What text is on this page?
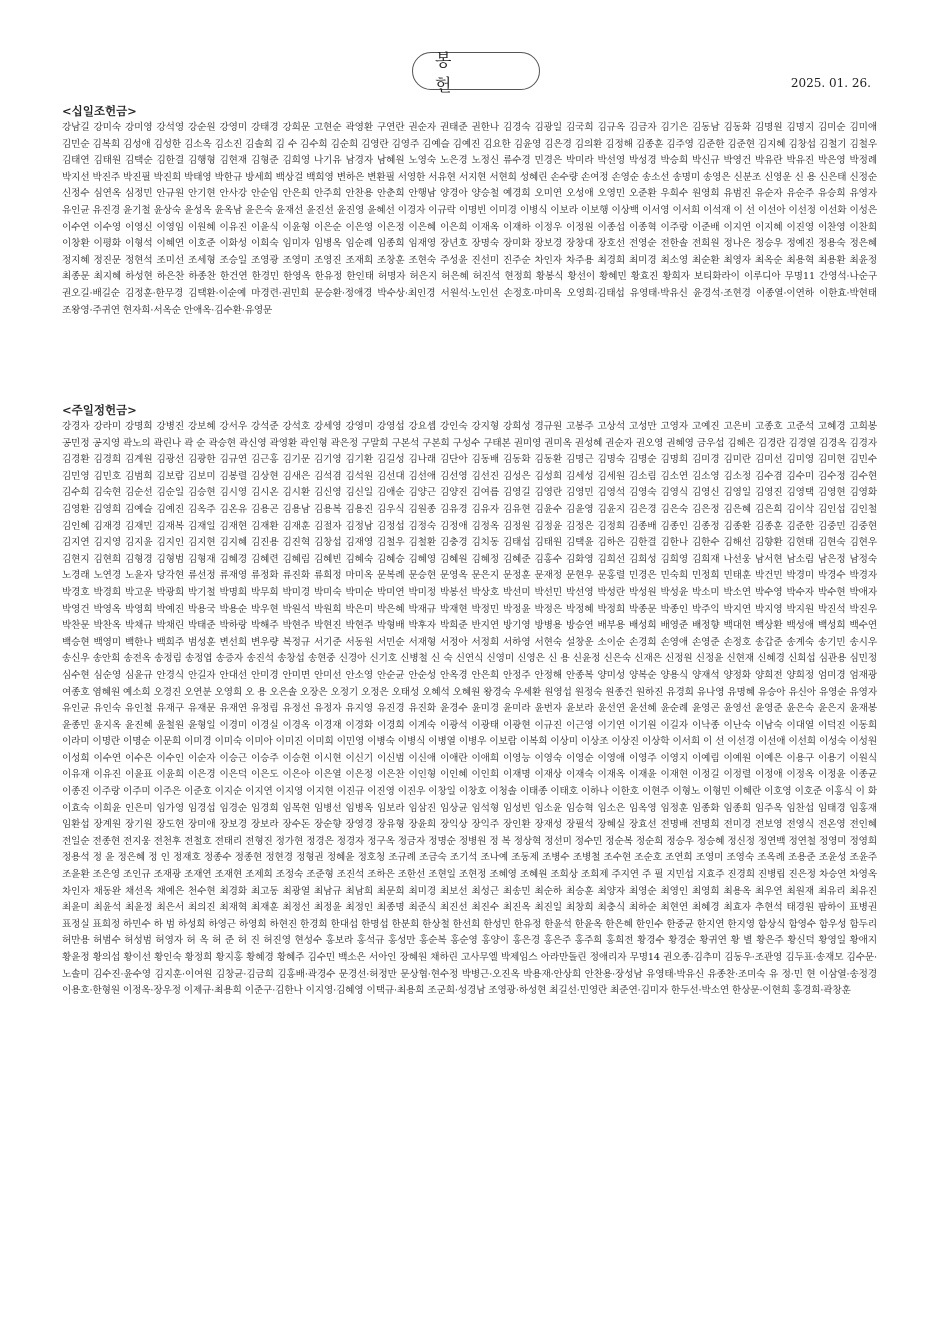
봉 헌	2025. 01. 26.
<십일조헌금>
강남길 강미숙 강미영 강석영 강순원 강영미 강태경 강희문 고현순 곽영환 구연란 권순자 권태준 권한나 김경숙 김광일 김국희 김규옥 김금자 김기은 김동남 김동화 김명원 김명지 김미순 김미애 김민순 김복희 김성애 김성한 김소옥 김소진 김솔희 김 수 김수희 김순희 김영란 김영주 김예슬 김예진 김요한 김윤영 김은경 김의환 김정해 김종훈 김주영 김준한 김준현 김지혜 김창섭 김철기 김철우 김태연 김태원 김택순 김한결 김행형 김현재 김형준 김희영 나기유 남경자 남혜원 노영숙 노은경 노정신 류수경 민경은 박미라 박선영 박성경 박승희 박신규 박영건 박유란 박유진 박은영 박정례 박지선 박진주 박진필 박진희 박태영 박한규 방세희 백상걸 백희영 변하은 변환필 서영한 서유현 서지현 서현희 성혜린 손수량 손여정 손영순 송소선 송명미 송영은 신분조 신영운 신 용 신은태 신정순 신정수 심연옥 심정민 안규원 안기현 안사강 안순임 안은희 안주희 안찬용 안춘희 안행남 양경아 양승철 예경희 오미연 오성애 오영민 오준환 우희수 원영희 유범진 유순자 유순주 유승희 유영자 유인균 유진경 윤기철 윤상숙 윤성옥 윤옥남 윤은숙 윤재선 윤진선 윤진영 윤혜선 이경자 이규락 이명빈 이미경 이병식 이보라 이보행 이상백 이서영 이서희 이석재 이 선 이선아 이선정 이선화 이성은 이수연 이수영 이영신 이영임 이원혜 이유진 이윤식 이윤형 이은순 이은영 이은정 이은혜 이은희 이재옥 이재하 이정우 이정원 이종섭 이종혁 이주랑 이준배 이지연 이지혜 이진영 이찬영 이찬희 이창환 이평화 이형석 이혜연 이호준 이화성 이희숙 임미자 임병옥 임순례 임종희 임재영 장년호 장명숙 장미화 장보경 장창대 장호선 전영순 전한솔 전희원 정나은 정승우 정예진 정용숙 정은혜 정지혜 정진문 정현석 조미선 조세형 조승일 조영광 조영미 조영진 조재희 조창훈 조현숙 주성윤 진선미 진주순 차인자 차주용 최경희 최미경 최소영 최순환 최영자 최옥순 최용혁 최용환 최윤정 최종문 최지혜 하성현 하은찬 하종찬 한건연 한경민 한영옥 한유정 한인태 허명자 허은지 허은혜 허진석 현정희 황봉식 황선이 황혜민 황효진 황희자 보티화라이 이루디아 무명11 간영석·나순구 권오길·배길순 김정훈·한무경 김택환·이순예 마경련·권민희 문승환·정애경 박수상·최인경 서원석·노인선 손정호·마미옥 오영희·김태섭 유영태·박유신 윤경석·조현경 이종열·이연하 이한효·박현태 조왕영·주귀연 현자희·서옥순 안애옥·김수환·유영문
<주일정헌금>
강경자 강라미 강명희 강병진 강보혜 강서우 강석준 강석호 강세영 강영미 강영섭 강요셉 강인숙 강지형 강희성 경규원 고봉주 고상석 고성만 고영자 고예진 고은비 고종호 고준석 고혜경 고희봉 공민정 공지영 곽노의 곽린나 곽 순 곽승현 곽신영 곽영환 곽인형 곽은정 구말희 구본석 구본희 구성수 구태본 권미영 권미옥 권성혜 권순자 권오영 권혜영 금우섭 김혜은 김경란 김경열 김경옥 김경자 김경환 김경희 김계원 김광선 김광한 김규연 김근홍 김기문 김기영 김기환 김길성 김나래 김단아 김동배 김동화 김동환 김명근 김명숙 김명순 김명희 김미경 김미란 김미선 김미영 김미현 김민수 김민영 김민호 김범희 김보람 김보미 김봉렬 김상현 김새은 김석겸 김석원 김선대 김선애 김선영 김선진 김성은 김성희 김세성 김세원 김소림 김소연 김소영 김소정 김수겸 김수미 김수정 김수현 김수희 김숙현 김순선 김순일 김승현 김시영 김시온 김시환 김신영 김신일 김애순 김양근 김양진 김여름 김영길 김영란 김영민 김영석 김영숙 김영식 김영신 김영일 김영진 김영택 김영현 김영화 김영환 김영희 김예슬 김예진 김옥주 김온유 김용곤 김용남 김용복 김용진 김우식 김원종 김유경 김유자 김유현 김윤수 김윤영 김윤지 김은경 김은숙 김은정 김은혜 김은희 김이삭 김인섭 김인철 김인혜 김재경 김재민 김재복 김재일 김재현 김재환 김재훈 김절자 김정남 김정섭 김정숙 김정애 김정옥 김정원 김정윤 김정은 김정희 김종배 김종인 김종정 김종환 김종훈 김준한 김중민 김중현 김지연 김지영 김지윤 김지인 김지현 김지혜 김진용 김진혁 김창섭 김재영 김철우 김철환 김충경 김치동 김태섭 김태원 김택윤 김하은 김한결 김한나 김한수 김해선 김향환 김현태 김현숙 김현우 김현지 김현희 김형경 김형범 김형재 김혜경 김혜련 김혜림 김혜빈 김혜숙 김혜승 김혜영 김혜원 김혜정 김혜준 김홍수 김화영 김희선 김희성 김희영 김희재 나선웅 남서현 남소림 남은정 남정숙 노경래 노연경 노윤자 당각현 류선정 류재영 류정화 류진화 류희정 마미옥 문복례 문승현 문영옥 문은지 문정훈 문재정 문현우 문홍렬 민경은 민숙희 민정희 민태훈 박건민 박경미 박경수 박경자 박경호 박경희 박고운 박광희 박기철 박명희 박무희 박미경 박미숙 박미순 박미연 박미정 박봉선 박상호 박선미 박선민 박선영 박성란 박성원 박성윤 박소미 박소연 박수영 박수자 박수현 박애자 박영건 박영옥 박영희 박예진 박용국 박용순 박우현 박원석 박원희 박은미 박은혜 박재규 박재현 박정민 박정윤 박정은 박정혜 박정희 박종문 박종인 박주익 박지연 박지영 박지원 박진석 박진우 박찬문 박찬옥 박채규 박채린 박태준 박하랑 박해주 박현주 박현진 박현주 박형배 박후자 박희준 반지연 방기영 방병용 방승연 배부용 배성희 배영준 배정향 백대현 백상환 백성애 백성희 백수연 백승현 백영미 백한나 백희주 범성훈 변선희 변우량 복정규 서기준 서동원 서민순 서재형 서정아 서정희 서하영 서현숙 설창운 소이순 손경희 손영애 손영준 손정호 송갑준 송계숙 송기민 송시우 송신우 송안희 송전옥 송정림 송정엽 송증자 송진석 송창섭 송현중 신경아 신기호 신병철 신 숙 신연식 신영미 신영은 신 용 신윤정 신은숙 신재은 신정원 신정윤 신현재 신혜경 신희섭 심관용 심민정 심수현 심순영 심윤규 안경식 안길자 안대선 안미경 안미면 안미선 안소영 안순균 안순성 안옥경 안은희 안정주 안정해 안종복 양미성 양복순 양용식 양재석 양정화 양희전 양희정 엄미경 엄재광 여종호 염혜원 예소희 오경진 오연분 오영희 오 용 오은솔 오장은 오정기 오정은 오태성 오혜석 오혜원 왕경숙 우세환 원영섭 원정숙 원종건 원하진 유경희 유나영 유명혜 유승아 유신아 유영순 유영자 유인균 유인숙 유인철 유재구 유재문 유재연 유정림 유정선 유정자 유지영 유진경 유진화 윤경수 윤미경 윤미라 윤번자 윤보라 윤선연 윤선혜 윤순례 윤영곤 윤영선 윤영준 윤은숙 윤은지 윤재봉 윤종민 윤지옥 윤진혜 윤철원 윤형일 이경미 이경실 이경옥 이경재 이경화 이경희 이계숙 이광석 이광태 이광현 이규진 이근영 이기연 이기원 이길자 이낙종 이난숙 이남숙 이대열 이덕진 이동희 이라미 이명란 이명순 이문희 이미경 이미숙 이미아 이미진 이미희 이민영 이병숙 이병식 이병열 이병우 이보람 이복희 이상미 이상조 이상진 이상학 이서희 이 선 이선경 이선애 이선희 이성숙 이성원 이성희 이수연 이수은 이수인 이순자 이승근 이승주 이승현 이시현 이신기 이신범 이신애 이애란 이애희 이영능 이영숙 이영순 이영애 이영주 이영지 이예림 이예원 이예은 이용구 이용기 이원식 이유재 이유진 이윤표 이윤희 이은경 이은덕 이은도 이은아 이은열 이은정 이은찬 이인형 이인혜 이인희 이재명 이재상 이재숙 이재옥 이재윤 이재현 이정길 이정렬 이정애 이정옥 이정윤 이종균 이종진 이주랑 이주미 이주은 이준호 이지순 이지연 이지영 이지현 이진규 이진영 이진우 이창일 이창호 이청솔 이태종 이태호 이하나 이한호 이현주 이형노 이형민 이혜란 이호영 이호준 이홍식 이 화 이효숙 이희윤 인은미 임가영 임경섭 임경순 임경희 임목현 임병선 임병옥 임보라 임삼진 임상균 임석형 임성빈 임소윤 임승혁 임소은 임옥영 임정훈 임종화 임종희 임주옥 임찬섭 임태경 임홍재 임환섭 장계원 장기원 장도현 장미애 장보경 장보라 장수돈 장순향 장영경 장유형 장윤희 장익상 장익주 장인환 장재성 장필석 장혜실 장효선 전명배 전명희 전미경 전보영 전영식 전온영 전인혜 전일순 전종현 전지웅 전천후 전철호 전태리 전형진 정가현 정경은 정경자 정구옥 정금자 정명순 정병원 정 복 정상혁 정선미 정수민 정순복 정순희 정승우 정승혜 정신정 정연백 정연철 정영미 정영희 정용석 정 윤 정은혜 정 인 정재호 정종수 정종현 정현경 정형권 정혜윤 정호청 조규례 조금숙 조기석 조나예 조동제 조병수 조병철 조수현 조순호 조연희 조영미 조영숙 조옥례 조용준 조윤성 조윤주 조윤환 조은영 조인규 조재광 조재연 조재현 조제희 조정숙 조준형 조진석 조하은 조한선 조현일 조현정 조혜영 조혜원 조희상 조희제 주지연 주 필 지민섭 지효주 진경희 진병립 진은정 차승연 차영옥 차인자 채동완 채선옥 채예은 천수현 최경화 최고동 최광열 최남규 최남희 최문희 최미경 최보선 최성근 최송민 최순하 최승훈 최양자 최영순 최영인 최영희 최용옥 최우연 최원재 최유리 최유진 최윤미 최윤석 최윤정 최은서 최의진 최재혁 최재훈 최정선 최정윤 최정인 최종명 최준식 최진선 최진수 최진옥 최진일 최창희 최충식 최하순 최현연 최혜경 최효자 추현석 태경원 팜하이 표병권 표정실 표희정 하민수 하 범 하성희 하영근 하영희 하현진 한경희 한대섭 한명섭 한분희 한상철 한선희 한성민 한유정 한윤석 한윤옥 한은혜 한인수 한중균 한지연 한지영 함상식 함영수 함우성 함두리 허만용 허범수 허성범 허영자 허 옥 허 준 허 진 허진영 현성수 홍보라 홍석규 홍성만 홍순복 홍순영 홍양이 홍은경 홍은주 홍주희 홍희전 황경수 황경순 황귀연 황 별 황은주 황신덕 황영일 황애지 황윤정 황의섭 황이선 황인숙 황정희 황지홍 황혜경 황혜주 김수민 백소은 서아인 장혜원 채하린 고사무엘 박제임스 아라만돌린 정애리자 무명14 권오종·김추미 김동우·조관영 김두표·송재모 김수문·노솔미 김수진·윤수영 김지훈·이여원 김창균·김금희 김홍배·곽경수 문경선·허정만 문상협·현수정 박병근·오진옥 박용재·안상희 안찬용·장성남 유영태·박유신 유종찬·조미숙 유 정·민 현 이삼열·송정경 이용호·한형원 이정옥·장우정 이제규·최용희 이준구·김한나 이지영·김혜영 이택규·최용희 조군희·성경남 조영광·하성현 최길선·민영란 최준연·김미자 한두선·박소연 한상문·이현희 홍경희·곽창훈
